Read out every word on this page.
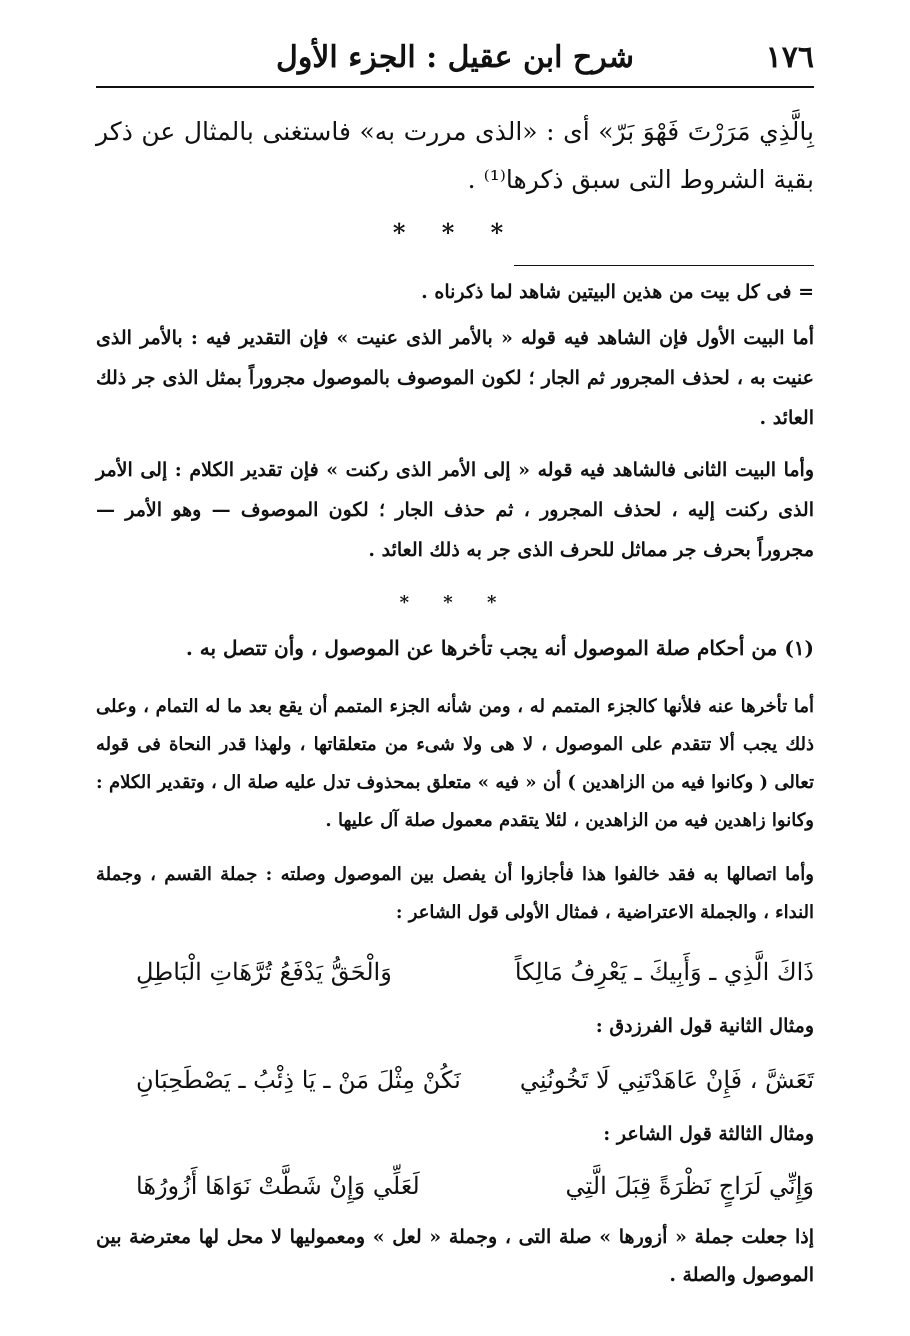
١٧٦
شرح ابن عقيل : الجزء الأول
بِالَّذِي مَرَرْتَ فَهْوَ بَرّ» أى : «الذى مررت به» فاستغنى بالمثال عن ذكر بقية الشروط التى سبق ذكرها⁽¹⁾ .
* * *
= فى كل بيت من هذين البيتين شاهد لما ذكرناه .
أما البيت الأول فإن الشاهد فيه قوله « بالأمر الذى عنيت » فإن التقدير فيه : بالأمر الذى عنيت به ، لحذف المجرور ثم الجار ؛ لكون الموصوف بالموصول مجروراً بمثل الذى جر ذلك العائد .
وأما البيت الثانى فالشاهد فيه قوله « إلى الأمر الذى ركنت » فإن تقدير الكلام : إلى الأمر الذى ركنت إليه ، لحذف المجرور ، ثم حذف الجار ؛ لكون الموصوف — وهو الأمر — مجروراً بحرف جر مماثل للحرف الذى جر به ذلك العائد .
* * *
(١) من أحكام صلة الموصول أنه يجب تأخرها عن الموصول ، وأن تتصل به .
أما تأخرها عنه فلأنها كالجزء المتمم له ، ومن شأنه الجزء المتمم أن يقع بعد ما له التمام ، وعلى ذلك يجب ألا تتقدم على الموصول ، لا هى ولا شىء من متعلقاتها ، ولهذا قدر النحاة فى قوله تعالى ( وكانوا فيه من الزاهدين ) أن « فيه » متعلق بمحذوف تدل عليه صلة ال ، وتقدير الكلام : وكانوا زاهدين فيه من الزاهدين ، لئلا يتقدم معمول صلة آل عليها .
وأما اتصالها به فقد خالفوا هذا فأجازوا أن يفصل بين الموصول وصلته : جملة القسم ، وجملة النداء ، والجملة الاعتراضية ، فمثال الأولى قول الشاعر :
ذَاكَ الَّذِي ـ وَأَبِيكَ ـ يَعْرِفُ مَالِكاً
وَالْحَقُّ يَدْفَعُ تُرَّهَاتِ الْبَاطِلِ
ومثال الثانية قول الفرزدق :
تَعَشَّ ، فَإِنْ عَاهَدْتَنِي لَا تَخُونُنِي
نَكُنْ مِثْلَ مَنْ ـ يَا ذِئْبُ ـ يَصْطَحِبَانِ
ومثال الثالثة قول الشاعر :
وَإِنِّي لَرَاجٍ نَظْرَةً قِبَلَ الَّتِي
لَعَلِّي وَإِنْ شَطَّتْ نَوَاهَا أَزُورُهَا
إذا جعلت جملة « أزورها » صلة التى ، وجملة « لعل » ومعموليها لا محل لها معترضة بين الموصول والصلة .
